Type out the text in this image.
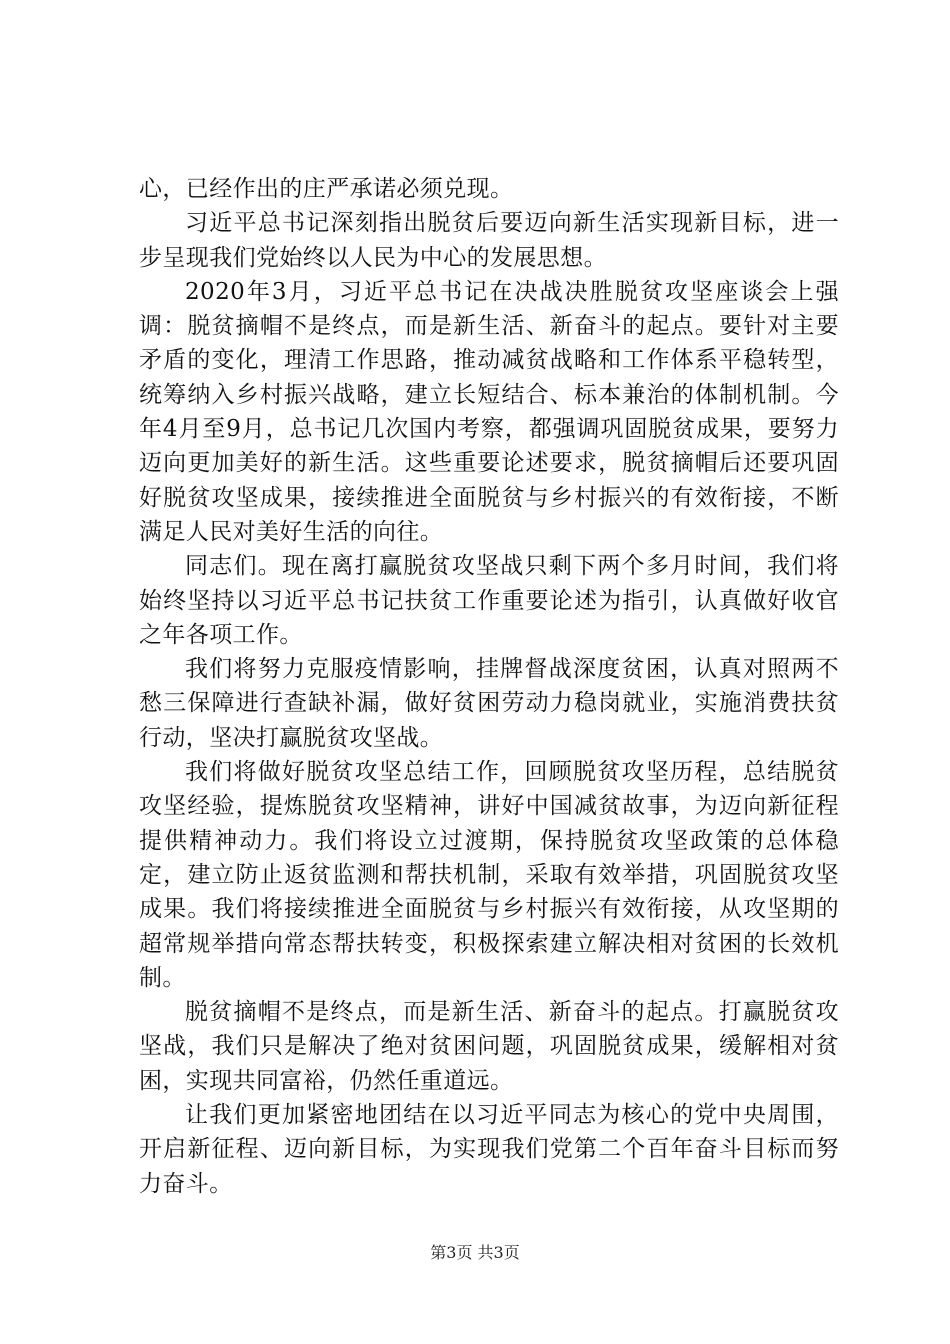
心，已经作出的庄严承诺必须兑现。

习近平总书记深刻指出脱贫后要迈向新生活实现新目标，进一步呈现我们党始终以人民为中心的发展思想。

2020年3月，习近平总书记在决战决胜脱贫攻坚座谈会上强调：脱贫摘帽不是终点，而是新生活、新奋斗的起点。要针对主要矛盾的变化，理清工作思路，推动减贫战略和工作体系平稳转型，统筹纳入乡村振兴战略，建立长短结合、标本兼治的体制机制。今年4月至9月，总书记几次国内考察，都强调巩固脱贫成果，要努力迈向更加美好的新生活。这些重要论述要求，脱贫摘帽后还要巩固好脱贫攻坚成果，接续推进全面脱贫与乡村振兴的有效衔接，不断满足人民对美好生活的向往。

同志们。现在离打赢脱贫攻坚战只剩下两个多月时间，我们将始终坚持以习近平总书记扶贫工作重要论述为指引，认真做好收官之年各项工作。

我们将努力克服疫情影响，挂牌督战深度贫困，认真对照两不愁三保障进行查缺补漏，做好贫困劳动力稳岗就业，实施消费扶贫行动，坚决打赢脱贫攻坚战。

我们将做好脱贫攻坚总结工作，回顾脱贫攻坚历程，总结脱贫攻坚经验，提炼脱贫攻坚精神，讲好中国减贫故事，为迈向新征程提供精神动力。我们将设立过渡期，保持脱贫攻坚政策的总体稳定，建立防止返贫监测和帮扶机制，采取有效举措，巩固脱贫攻坚成果。我们将接续推进全面脱贫与乡村振兴有效衔接，从攻坚期的超常规举措向常态帮扶转变，积极探索建立解决相对贫困的长效机制。

脱贫摘帽不是终点，而是新生活、新奋斗的起点。打赢脱贫攻坚战，我们只是解决了绝对贫困问题，巩固脱贫成果，缓解相对贫困，实现共同富裕，仍然任重道远。

让我们更加紧密地团结在以习近平同志为核心的党中央周围，开启新征程、迈向新目标，为实现我们党第二个百年奋斗目标而努力奋斗。

第3页 共3页
